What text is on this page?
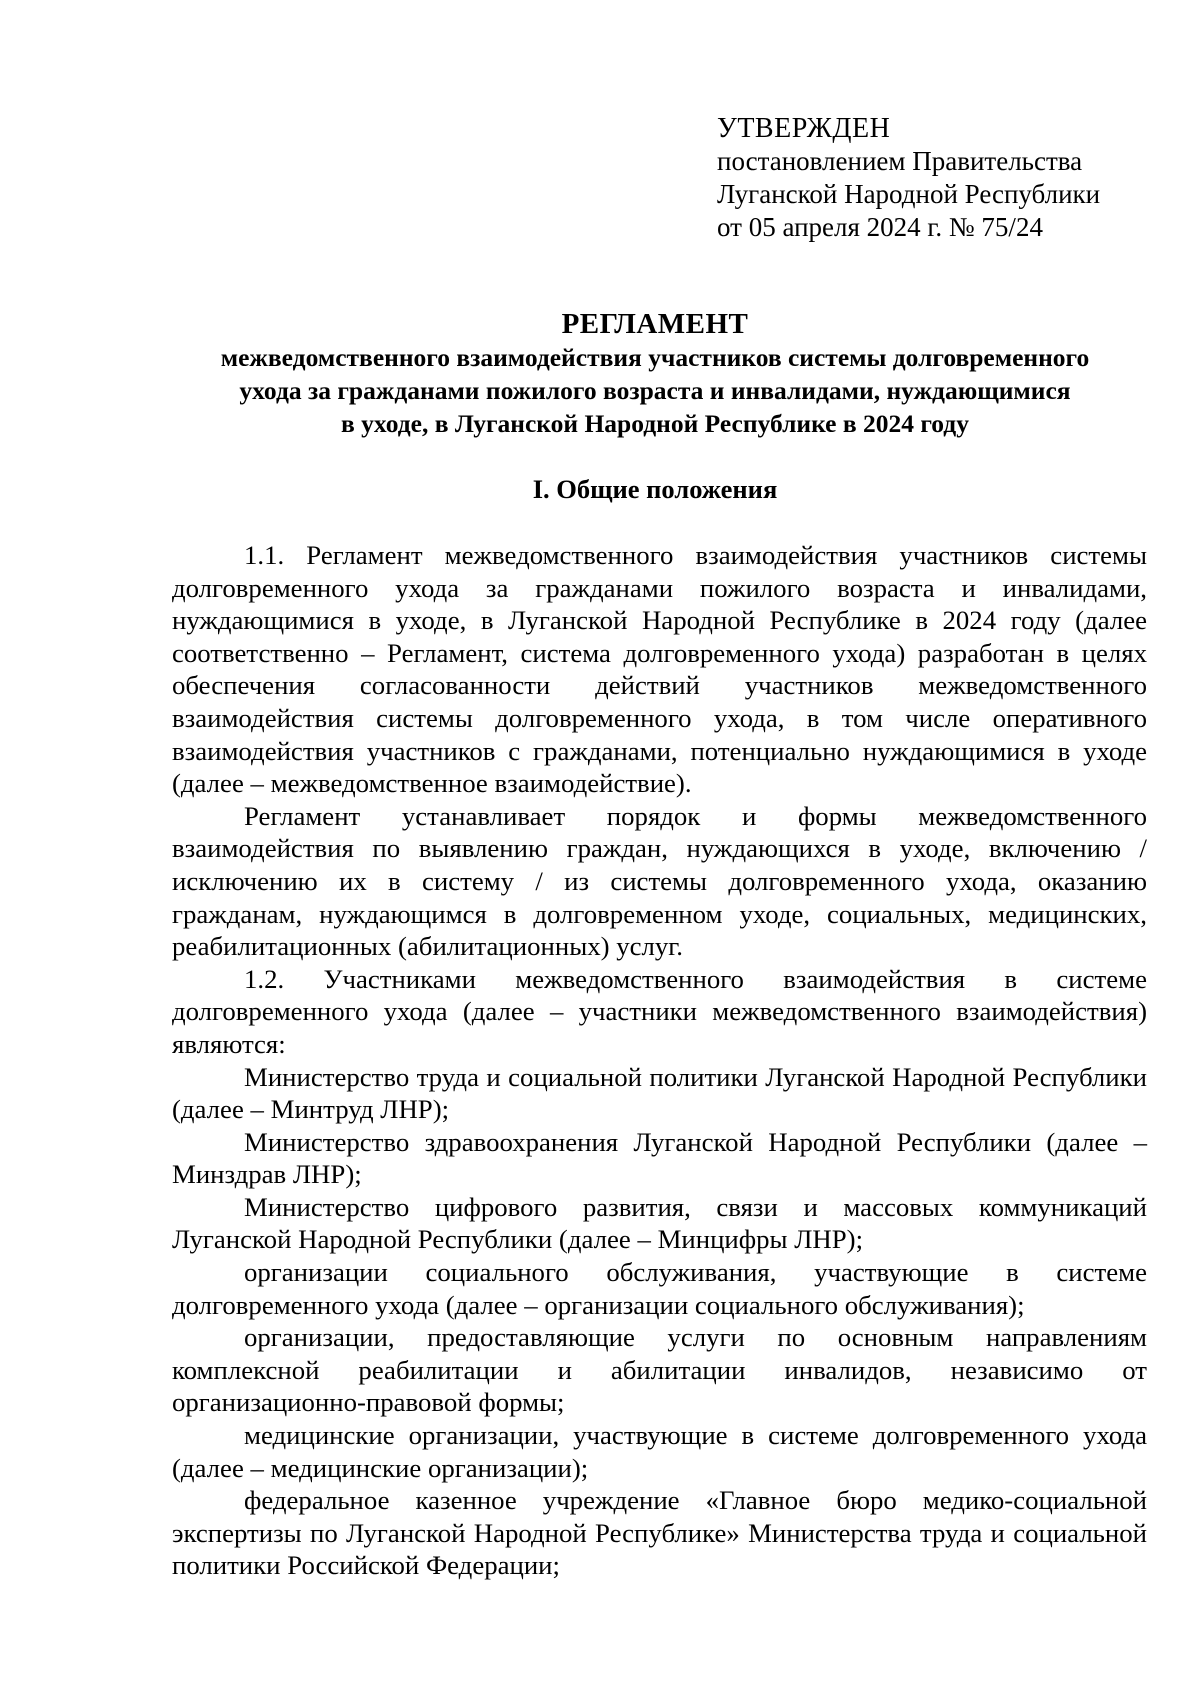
УТВЕРЖДЕН
постановлением Правительства
Луганской Народной Республики
от 05 апреля 2024 г. № 75/24
РЕГЛАМЕНТ
межведомственного взаимодействия участников системы долговременного
ухода за гражданами пожилого возраста и инвалидами, нуждающимися
в уходе, в Луганской Народной Республике в 2024 году
I. Общие положения

1.1. Регламент межведомственного взаимодействия участников системы долговременного ухода за гражданами пожилого возраста и инвалидами, нуждающимися в уходе, в Луганской Народной Республике в 2024 году (далее соответственно – Регламент, система долговременного ухода) разработан в целях обеспечения согласованности действий участников межведомственного взаимодействия системы долговременного ухода, в том числе оперативного взаимодействия участников с гражданами, потенциально нуждающимися в уходе (далее – межведомственное взаимодействие).

Регламент устанавливает порядок и формы межведомственного взаимодействия по выявлению граждан, нуждающихся в уходе, включению / исключению их в систему / из системы долговременного ухода, оказанию гражданам, нуждающимся в долговременном уходе, социальных, медицинских, реабилитационных (абилитационных) услуг.

1.2. Участниками межведомственного взаимодействия в системе долговременного ухода (далее – участники межведомственного взаимодействия) являются:

Министерство труда и социальной политики Луганской Народной Республики (далее – Минтруд ЛНР);

Министерство здравоохранения Луганской Народной Республики (далее – Минздрав ЛНР);

Министерство цифрового развития, связи и массовых коммуникаций Луганской Народной Республики (далее – Минцифры ЛНР);

организации социального обслуживания, участвующие в системе долговременного ухода (далее – организации социального обслуживания);

организации, предоставляющие услуги по основным направлениям комплексной реабилитации и абилитации инвалидов, независимо от организационно-правовой формы;

медицинские организации, участвующие в системе долговременного ухода (далее – медицинские организации);

федеральное казенное учреждение «Главное бюро медико-социальной экспертизы по Луганской Народной Республике» Министерства труда и социальной политики Российской Федерации;
